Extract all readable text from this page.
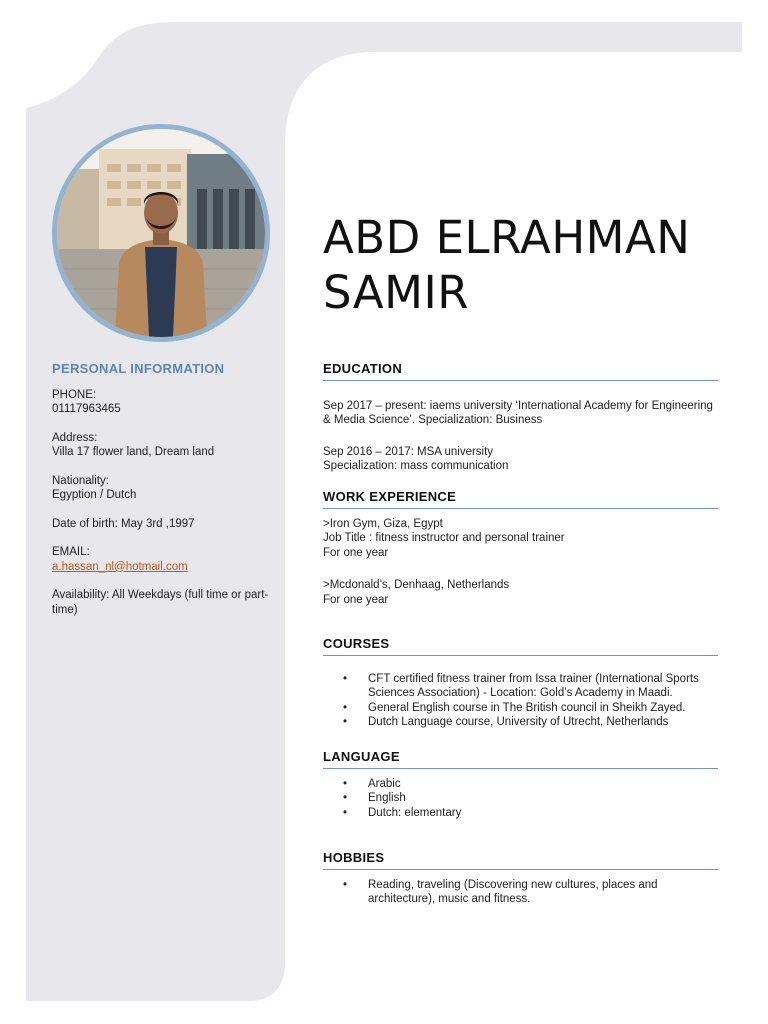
ABD ELRAHMAN
SAMIR
PERSONAL INFORMATION
PHONE:
01117963465
Address:
Villa 17 flower land, Dream land
Nationality:
Egyption / Dutch
Date of birth: May 3rd ,1997
EMAIL:
a.hassan_nl@hotmail.com
Availability: All Weekdays (full time or part-time)
EDUCATION
Sep 2017 – present: iaems university ‘International Academy for Engineering & Media Science’. Specialization: Business
Sep 2016 – 2017: MSA university
Specialization: mass communication
WORK EXPERIENCE
>Iron Gym, Giza, Egypt
Job Title : fitness instructor and personal trainer
For one year
>Mcdonald’s, Denhaag, Netherlands
For one year
COURSES
• CFT certified fitness trainer from Issa trainer (International Sports Sciences Association) - Location: Gold’s Academy in Maadi.
• General English course in The British council in Sheikh Zayed.
• Dutch Language course, University of Utrecht, Netherlands
LANGUAGE
• Arabic
• English
• Dutch: elementary
HOBBIES
• Reading, traveling (Discovering new cultures, places and architecture), music and fitness.
